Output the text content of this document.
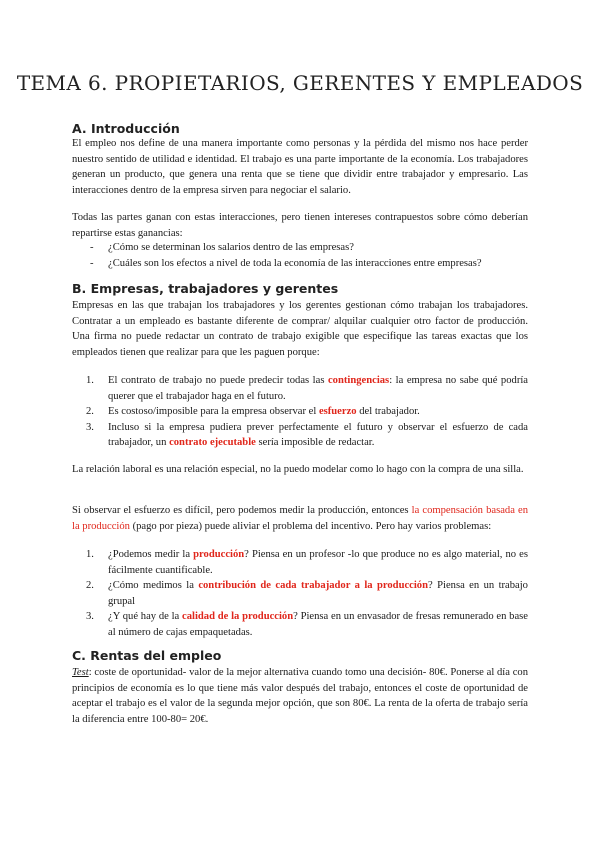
TEMA 6. PROPIETARIOS, GERENTES Y EMPLEADOS
A. Introducción

El empleo nos define de una manera importante como personas y la pérdida del mismo nos hace perder nuestro sentido de utilidad e identidad. El trabajo es una parte importante de la economía. Los trabajadores generan un producto, que genera una renta que se tiene que dividir entre trabajador y empresario. Las interacciones dentro de la empresa sirven para negociar el salario.

Todas las partes ganan con estas interacciones, pero tienen intereses contrapuestos sobre cómo deberían repartirse estas ganancias:

- ¿Cómo se determinan los salarios dentro de las empresas?
- ¿Cuáles son los efectos a nivel de toda la economía de las interacciones entre empresas?
B. Empresas, trabajadores y gerentes

Empresas en las que trabajan los trabajadores y los gerentes gestionan cómo trabajan los trabajadores. Contratar a un empleado es bastante diferente de comprar/ alquilar cualquier otro factor de producción. Una firma no puede redactar un contrato de trabajo exigible que especifique las tareas exactas que los empleados tienen que realizar para que les paguen porque:

1. El contrato de trabajo no puede predecir todas las contingencias: la empresa no sabe qué podría querer que el trabajador haga en el futuro.
2. Es costoso/imposible para la empresa observar el esfuerzo del trabajador.
3. Incluso si la empresa pudiera prever perfectamente el futuro y observar el esfuerzo de cada trabajador, un contrato ejecutable sería imposible de redactar.

La relación laboral es una relación especial, no la puedo modelar como lo hago con la compra de una silla.

Si observar el esfuerzo es difícil, pero podemos medir la producción, entonces la compensación basada en la producción (pago por pieza) puede aliviar el problema del incentivo. Pero hay varios problemas:

1. ¿Podemos medir la producción? Piensa en un profesor -lo que produce no es algo material, no es fácilmente cuantificable.
2. ¿Cómo medimos la contribución de cada trabajador a la producción? Piensa en un trabajo grupal
3. ¿Y qué hay de la calidad de la producción? Piensa en un envasador de fresas remunerado en base al número de cajas empaquetadas.
C. Rentas del empleo

Test: coste de oportunidad- valor de la mejor alternativa cuando tomo una decisión- 80€. Ponerse al día con principios de economía es lo que tiene más valor después del trabajo, entonces el coste de oportunidad de aceptar el trabajo es el valor de la segunda mejor opción, que son 80€. La renta de la oferta de trabajo sería la diferencia entre 100-80= 20€.
